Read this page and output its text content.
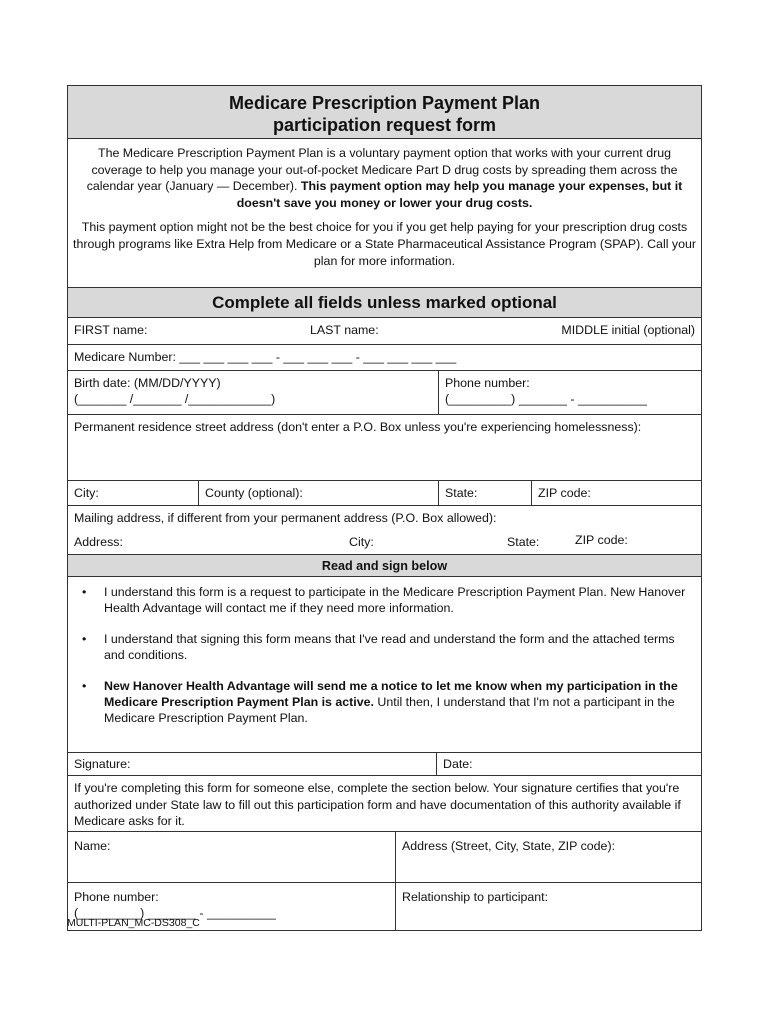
Medicare Prescription Payment Plan
participation request form

The Medicare Prescription Payment Plan is a voluntary payment option that works with your current drug coverage to help you manage your out-of-pocket Medicare Part D drug costs by spreading them across the calendar year (January — December). This payment option may help you manage your expenses, but it doesn't save you money or lower your drug costs.

This payment option might not be the best choice for you if you get help paying for your prescription drug costs through programs like Extra Help from Medicare or a State Pharmaceutical Assistance Program (SPAP). Call your plan for more information.

Complete all fields unless marked optional
FIRST name:	LAST name:	MIDDLE initial (optional)
Medicare Number: ___ ___ ___ ___ - ___ ___ ___ - ___ ___ ___ ___
Birth date: (MM/DD/YYYY)
(_______ /_______ /____________)
Phone number:
(_________) _______ - __________
Permanent residence street address (don't enter a P.O. Box unless you're experiencing homelessness):
City:	County (optional):	State:	ZIP code:
Mailing address, if different from your permanent address (P.O. Box allowed):
Address:	City:	State:	ZIP code:
Read and sign below
•	I understand this form is a request to participate in the Medicare Prescription Payment Plan. New Hanover Health Advantage will contact me if they need more information.
•	I understand that signing this form means that I've read and understand the form and the attached terms and conditions.
•	New Hanover Health Advantage will send me a notice to let me know when my participation in the Medicare Prescription Payment Plan is active. Until then, I understand that I'm not a participant in the Medicare Prescription Payment Plan.
Signature:	Date:
If you're completing this form for someone else, complete the section below. Your signature certifies that you're authorized under State law to fill out this participation form and have documentation of this authority available if Medicare asks for it.
Name:	Address (Street, City, State, ZIP code):
Phone number:
(_________) _______ - __________
Relationship to participant:
MULTI-PLAN_MC-DS308_C
